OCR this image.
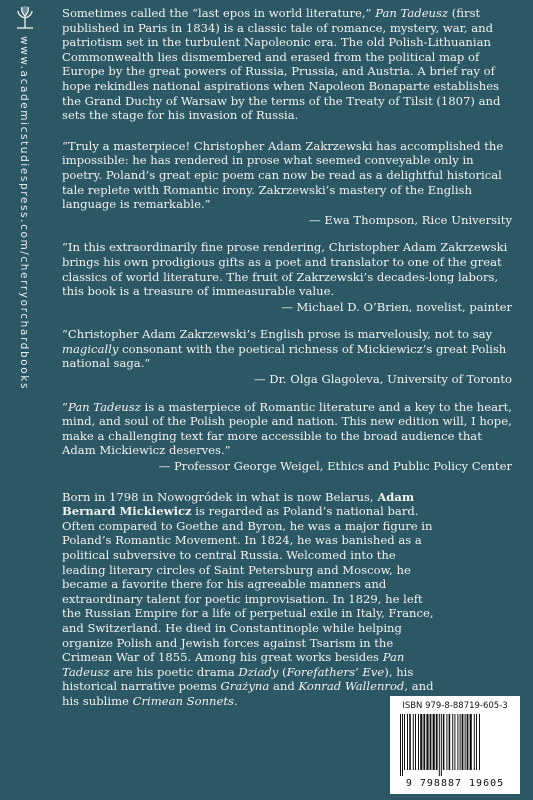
www.academicstudiespress.com/cherryorchardbooks

Sometimes called the “last epos in world literature,” Pan Tadeusz (first published in Paris in 1834) is a classic tale of romance, mystery, war, and patriotism set in the turbulent Napoleonic era. The old Polish-Lithuanian Commonwealth lies dismembered and erased from the political map of Europe by the great powers of Russia, Prussia, and Austria. A brief ray of hope rekindles national aspirations when Napoleon Bonaparte establishes the Grand Duchy of Warsaw by the terms of the Treaty of Tilsit (1807) and sets the stage for his invasion of Russia.

“Truly a masterpiece! Christopher Adam Zakrzewski has accomplished the impossible: he has rendered in prose what seemed conveyable only in poetry. Poland’s great epic poem can now be read as a delightful historical tale replete with Romantic irony. Zakrzewski’s mastery of the English language is remarkable.”

— Ewa Thompson, Rice University

“In this extraordinarily fine prose rendering, Christopher Adam Zakrzewski brings his own prodigious gifts as a poet and translator to one of the great classics of world literature. The fruit of Zakrzewski’s decades-long labors, this book is a treasure of immeasurable value.

— Michael D. O’Brien, novelist, painter

“Christopher Adam Zakrzewski’s English prose is marvelously, not to say magically consonant with the poetical richness of Mickiewicz’s great Polish national saga.”

— Dr. Olga Glagoleva, University of Toronto

“Pan Tadeusz is a masterpiece of Romantic literature and a key to the heart, mind, and soul of the Polish people and nation. This new edition will, I hope, make a challenging text far more accessible to the broad audience that Adam Mickiewicz deserves.”

— Professor George Weigel, Ethics and Public Policy Center

Born in 1798 in Nowogródek in what is now Belarus, Adam Bernard Mickiewicz is regarded as Poland’s national bard. Often compared to Goethe and Byron, he was a major figure in Poland’s Romantic Movement. In 1824, he was banished as a political subversive to central Russia. Welcomed into the leading literary circles of Saint Petersburg and Moscow, he became a favorite there for his agreeable manners and extraordinary talent for poetic improvisation. In 1829, he left the Russian Empire for a life of perpetual exile in Italy, France, and Switzerland. He died in Constantinople while helping organize Polish and Jewish forces against Tsarism in the Crimean War of 1855. Among his great works besides Pan Tadeusz are his poetic drama Dziady (Forefathers’ Eve), his historical narrative poems Grażyna and Konrad Wallenrod, and his sublime Crimean Sonnets.	ISBN 979-8-88719-605-3
9 798887 19605
